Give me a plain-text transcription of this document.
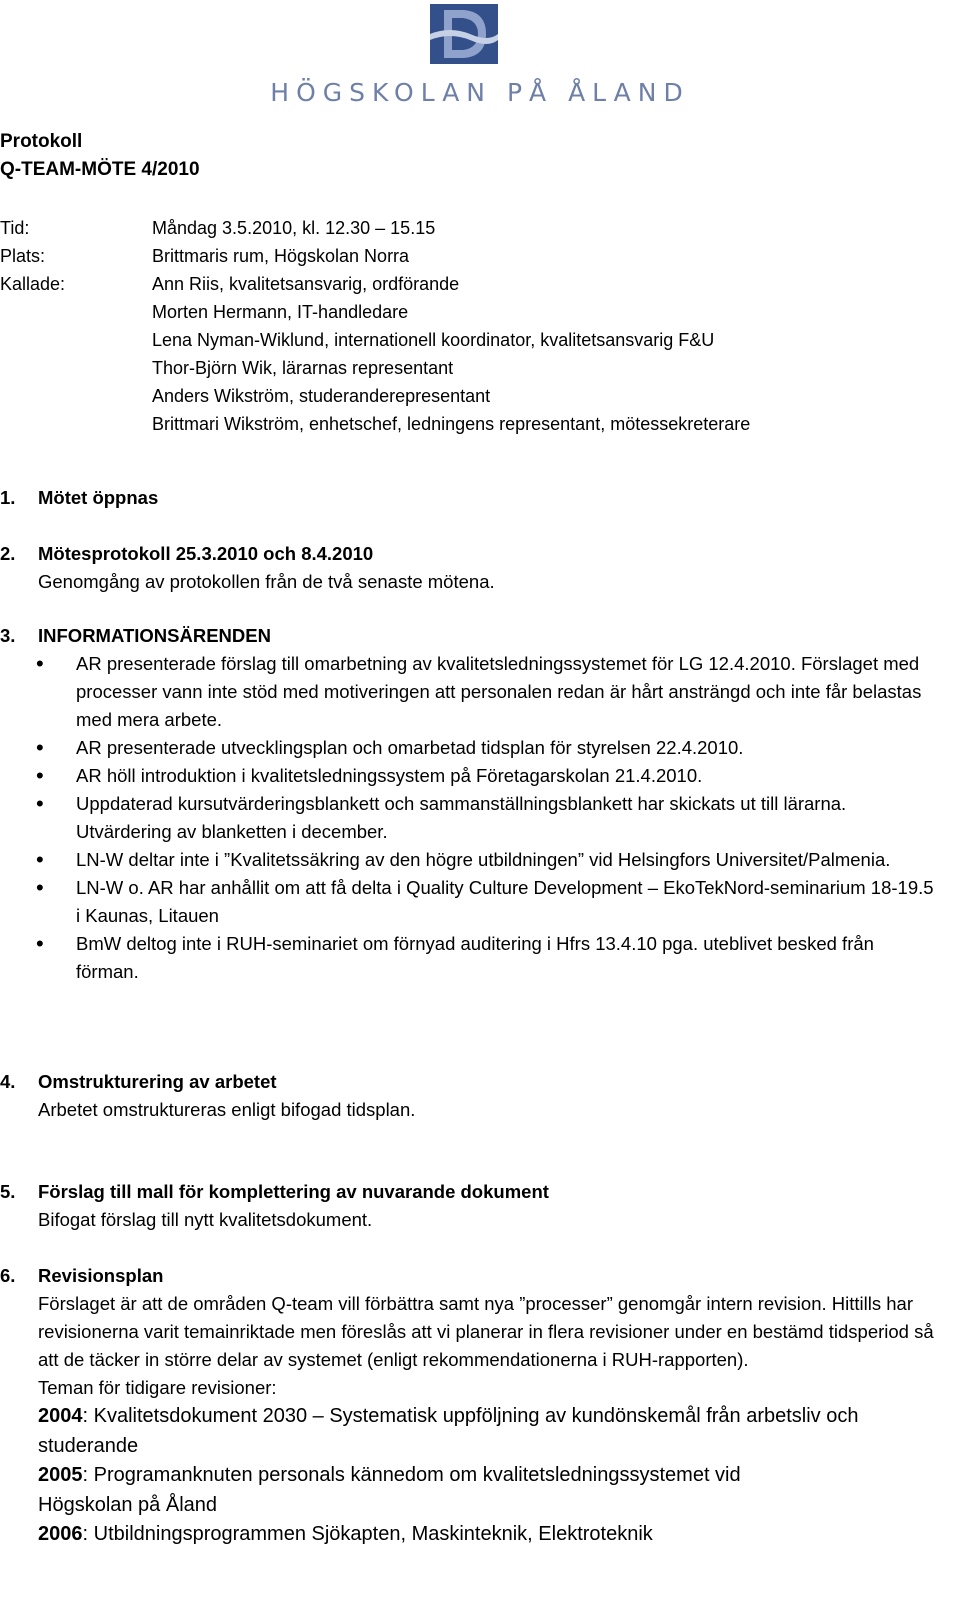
HÖGSKOLAN PÅ ÅLAND
Protokoll
Q-TEAM-MÖTE 4/2010
Tid:	Måndag 3.5.2010, kl. 12.30 – 15.15
Plats:	Brittmaris rum, Högskolan Norra
Kallade:	Ann Riis, kvalitetsansvarig, ordförande
Morten Hermann, IT-handledare
Lena Nyman-Wiklund, internationell koordinator, kvalitetsansvarig F&U
Thor-Björn Wik, lärarnas representant
Anders Wikström, studeranderepresentant
Brittmari Wikström, enhetschef, ledningens representant, mötessekreterare
1.	Mötet öppnas
2.	Mötesprotokoll 25.3.2010 och 8.4.2010
Genomgång av protokollen från de två senaste mötena.
3.	INFORMATIONSÄRENDEN
• AR presenterade förslag till omarbetning av kvalitetsledningssystemet för LG 12.4.2010. Förslaget med processer vann inte stöd med motiveringen att personalen redan är hårt ansträngd och inte får belastas med mera arbete.
• AR presenterade utvecklingsplan och omarbetad tidsplan för styrelsen 22.4.2010.
• AR höll introduktion i kvalitetsledningssystem på Företagarskolan 21.4.2010.
• Uppdaterad kursutvärderingsblankett och sammanställningsblankett har skickats ut till lärarna. Utvärdering av blanketten i december.
• LN-W deltar inte i ”Kvalitetssäkring av den högre utbildningen” vid Helsingfors Universitet/Palmenia.
• LN-W o. AR har anhållit om att få delta i Quality Culture Development – EkoTekNord-seminarium 18-19.5 i Kaunas, Litauen
• BmW deltog inte i RUH-seminariet om förnyad auditering i Hfrs 13.4.10 pga. uteblivet besked från förman.
4.	Omstrukturering av arbetet
Arbetet omstruktureras enligt bifogad tidsplan.
5.	Förslag till mall för komplettering av nuvarande dokument
Bifogat förslag till nytt kvalitetsdokument.
6.	Revisionsplan
Förslaget är att de områden Q-team vill förbättra samt nya ”processer” genomgår intern revision. Hittills har revisionerna varit temainriktade men föreslås att vi planerar in flera revisioner under en bestämd tidsperiod så att de täcker in större delar av systemet (enligt rekommendationerna i RUH-rapporten).
Teman för tidigare revisioner:
2004: Kvalitetsdokument 2030 – Systematisk uppföljning av kundönskemål från arbetsliv och studerande
2005: Programanknuten personals kännedom om kvalitetsledningssystemet vid Högskolan på Åland
2006: Utbildningsprogrammen Sjökapten, Maskinteknik, Elektroteknik
